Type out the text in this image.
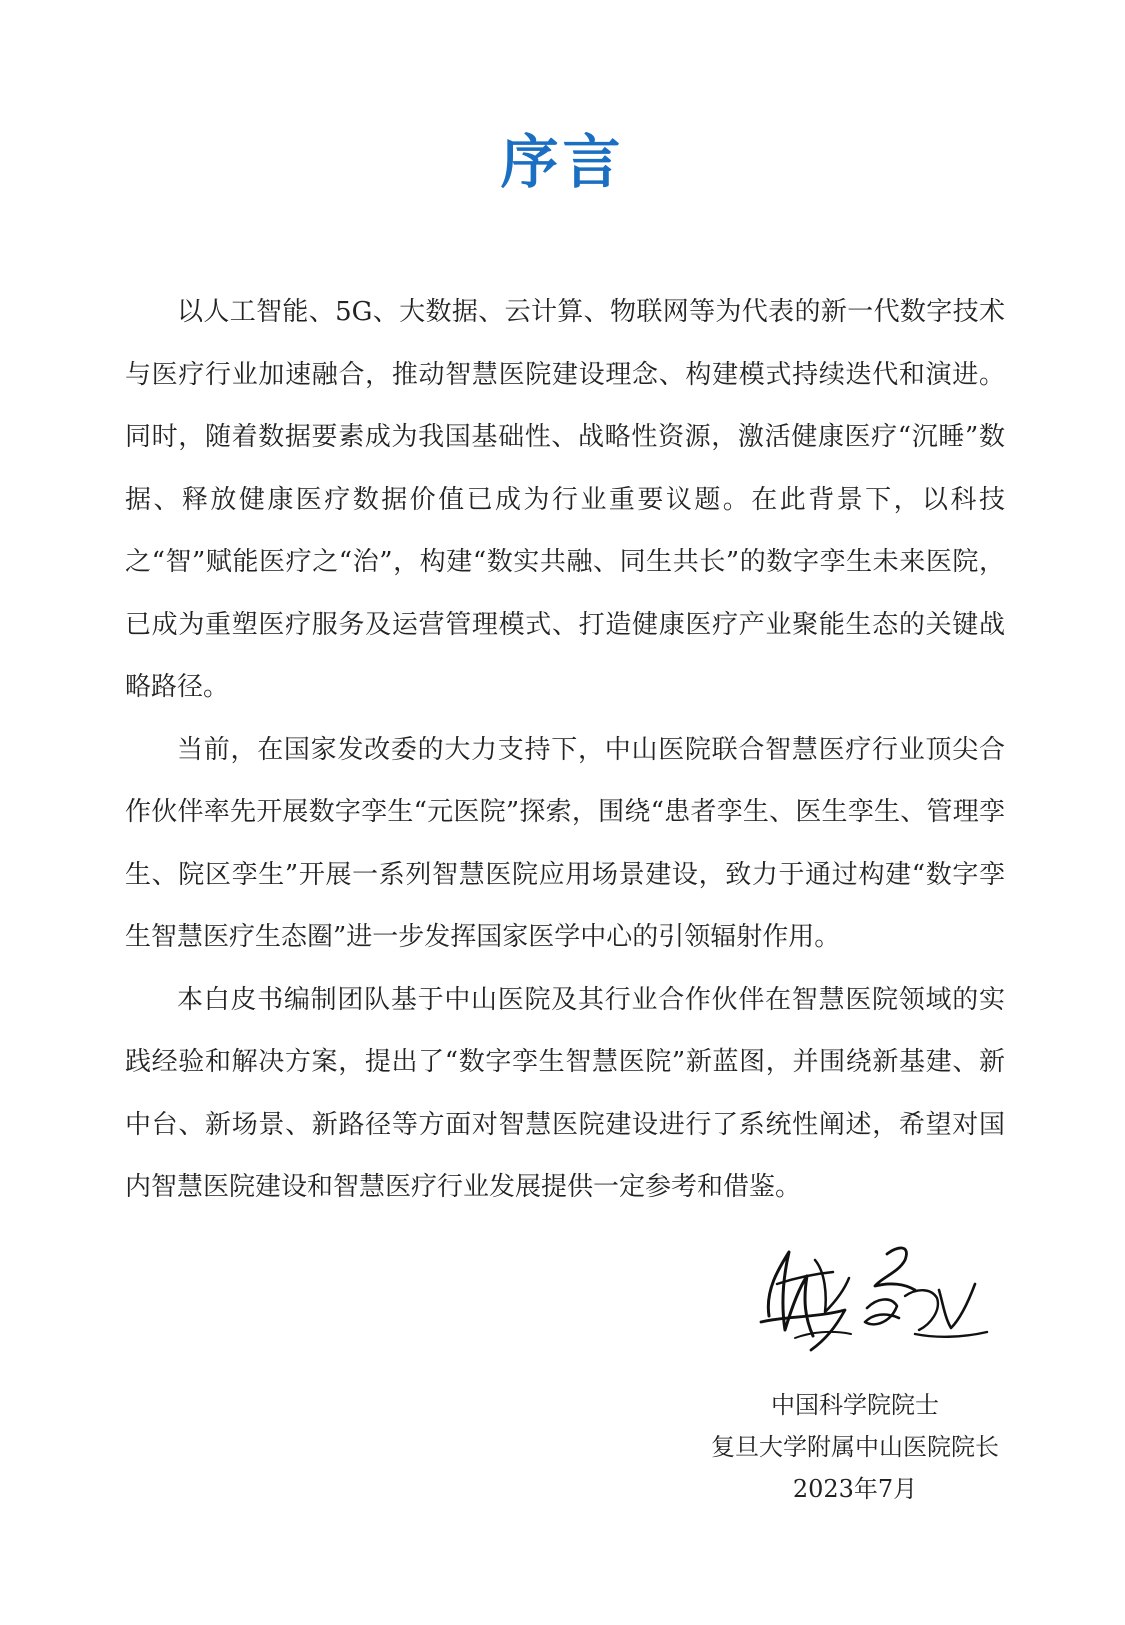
序言

以人工智能、5G、大数据、云计算、物联网等为代表的新一代数字技术与医疗行业加速融合，推动智慧医院建设理念、构建模式持续迭代和演进。同时，随着数据要素成为我国基础性、战略性资源，激活健康医疗“沉睡”数据、释放健康医疗数据价值已成为行业重要议题。在此背景下，以科技之“智”赋能医疗之“治”，构建“数实共融、同生共长”的数字孪生未来医院，已成为重塑医疗服务及运营管理模式、打造健康医疗产业聚能生态的关键战略路径。

当前，在国家发改委的大力支持下，中山医院联合智慧医疗行业顶尖合作伙伴率先开展数字孪生“元医院”探索，围绕“患者孪生、医生孪生、管理孪生、院区孪生”开展一系列智慧医院应用场景建设，致力于通过构建“数字孪生智慧医疗生态圈”进一步发挥国家医学中心的引领辐射作用。

本白皮书编制团队基于中山医院及其行业合作伙伴在智慧医院领域的实践经验和解决方案，提出了“数字孪生智慧医院”新蓝图，并围绕新基建、新中台、新场景、新路径等方面对智慧医院建设进行了系统性阐述，希望对国内智慧医院建设和智慧医疗行业发展提供一定参考和借鉴。

中国科学院院士
复旦大学附属中山医院院长
2023年7月
